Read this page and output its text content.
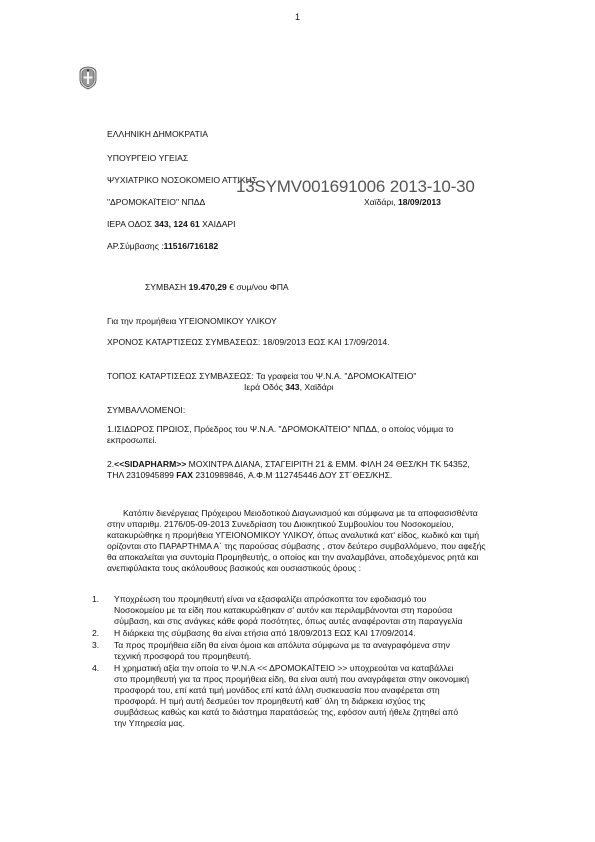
1
ΕΛΛΗΝΙΚΗ ΔΗΜΟΚΡΑΤΙΑ
ΥΠΟΥΡΓΕΙΟ ΥΓΕΙΑΣ
ΨΥΧΙΑΤΡΙΚΟ ΝΟΣΟΚΟΜΕΙΟ ΑΤΤΙΚΗΣ
"ΔΡΟΜΟΚΑΪΤΕΙΟ" ΝΠΔΔ
ΙΕΡΑ ΟΔΟΣ 343, 124 61 ΧΑΙΔΑΡΙ
ΑΡ.Σύμβασης :11516/716182
Χαϊδάρι, 18/09/2013
13SYMV001691006 2013-10-30
ΣΥΜΒΑΣΗ 19.470,29 € συμ/νου ΦΠΑ
Για την προμήθεια ΥΓΕΙΟΝΟΜΙΚΟΥ ΥΛΙΚΟΥ
ΧΡΟΝΟΣ ΚΑΤΑΡΤΙΣΕΩΣ ΣΥΜΒΑΣΕΩΣ: 18/09/2013 ΕΩΣ ΚΑΙ 17/09/2014.
ΤΟΠΟΣ ΚΑΤΑΡΤΙΣΕΩΣ ΣΥΜΒΑΣΕΩΣ: Τα γραφεία του Ψ.Ν.Α. "ΔΡΟΜΟΚΑΪΤΕΙΟ"
Ιερά Οδός 343, Χαϊδάρι
ΣΥΜΒΑΛΛΟΜΕΝΟΙ:
1.ΙΣΙΔΩΡΟΣ ΠΡΩΙΟΣ, Πρόεδρος του Ψ.Ν.Α. "ΔΡΟΜΟΚΑΪΤΕΙΟ" ΝΠΔΔ, ο οποίος νόμιμα το
εκπροσωπεί.
2.<<SIDAPHARM>> ΜΟΧΙΝΤΡΑ ΔΙΑΝΑ, ΣΤΑΓΕΙΡΙΤΗ 21 & ΕΜΜ. ΦΙΛΗ 24 ΘΕΣ/ΚΗ ΤΚ 54352,
ΤΗΛ 2310945899 FAX 2310989846, Α.Φ.Μ 112745446 ΔΟΥ ΣΤ΄ΘΕΣ/ΚΗΣ.
Κατόπιν διενέργειας Πρόχειρου Μειοδοτικού Διαγωνισμού και σύμφωνα με τα αποφασισθέντα
στην υπαριθμ. 2176/05-09-2013 Συνεδρίαση του Διοικητικού Συμβουλίου του Νοσοκομείου,
κατακυρώθηκε η προμήθεια ΥΓΕΙΟΝΟΜΙΚΟΥ ΥΛΙΚΟΥ, όπως αναλυτικά κατ' είδος, κωδικό και τιμή
ορίζονται στο ΠΑΡΑΡΤΗΜΑ Α΄ της παρούσας σύμβασης , στον δεύτερο συμβαλλόμενο, που αφεξής
θα αποκαλείται για συντομία Προμηθευτής, ο οποίος και την αναλαμβάνει, αποδεχόμενος ρητά και
ανεπιφύλακτα τους ακόλουθους βασικούς και ουσιαστικούς όρους :
1. Υποχρέωση του προμηθευτή είναι να εξασφαλίζει απρόσκοπτα τον εφοδιασμό του
Νοσοκομείου με τα είδη που κατακυρώθηκαν σ' αυτόν και περιλαμβάνονται στη παρούσα
σύμβαση, και στις ανάγκες κάθε φορά ποσότητες, όπως αυτές αναφέρονται στη παραγγελία
2. Η διάρκεια της σύμβασης θα είναι ετήσια από 18/09/2013 ΕΩΣ ΚΑΙ 17/09/2014.
3. Τα προς προμήθεια είδη θα είναι όμοια και απόλυτα σύμφωνα με τα αναγραφόμενα στην
τεχνική προσφορά του προμηθευτή.
4. Η χρηματική αξία την οποία το Ψ.Ν.Α << ΔΡΟΜΟΚΑΪΤΕΙΟ >> υποχρεούται να καταβάλλει
στο προμηθευτή για τα προς προμήθεια είδη, θα είναι αυτή που αναγράφεται στην οικονομική
προσφορά του, επί κατά τιμή μονάδος επί κατά άλλη συσκευασία που αναφέρεται στη
προσφορά. Η τιμή αυτή δεσμεύει τον προμηθευτή καθ΄ όλη τη διάρκεια ισχύος της
συμβάσεως καθώς και κατά το διάστημα παρατάσεώς της, εφόσον αυτή ήθελε ζητηθεί από
την Υπηρεσία μας.
